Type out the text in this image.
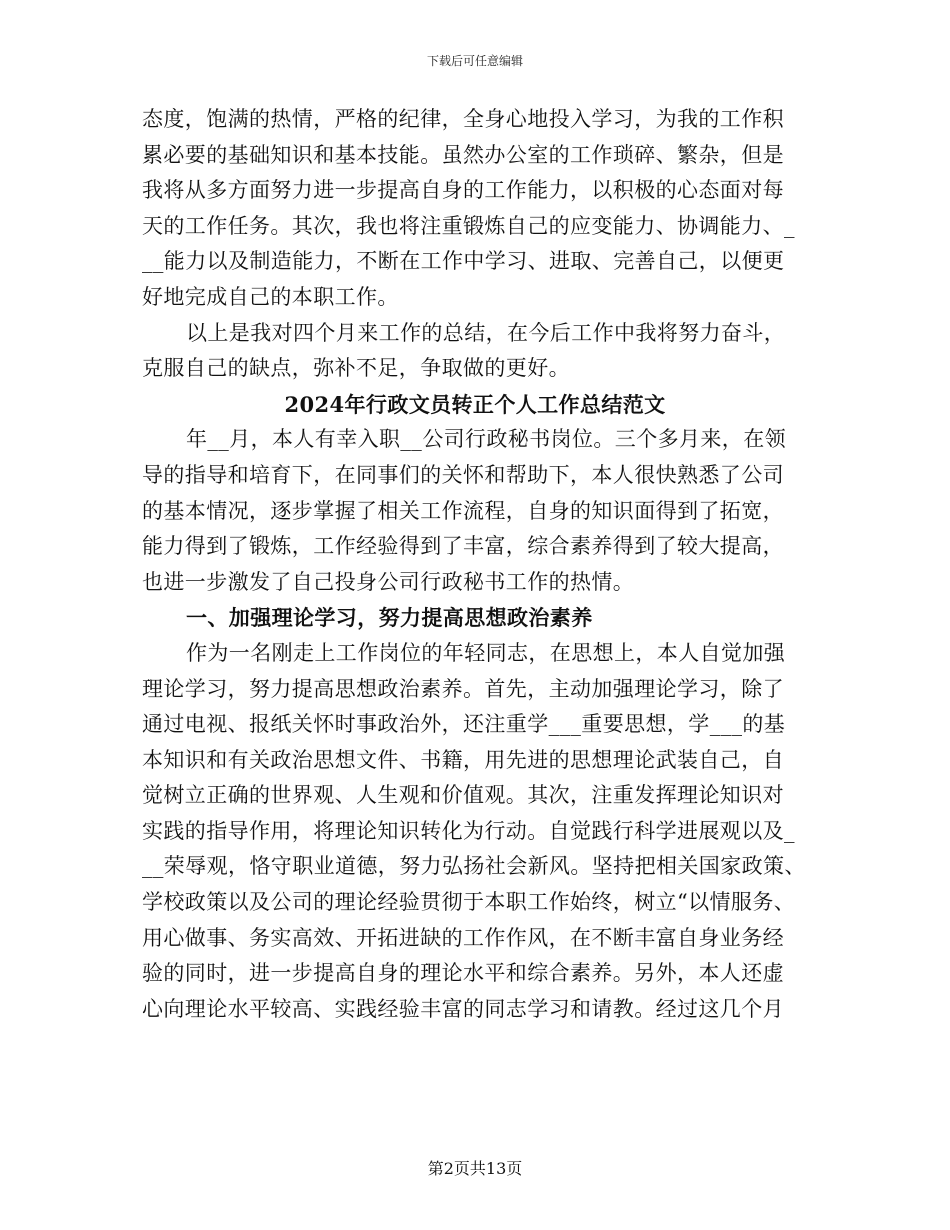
下载后可任意编辑
态度，饱满的热情，严格的纪律，全身心地投入学习，为我的工作积
累必要的基础知识和基本技能。虽然办公室的工作琐碎、繁杂，但是
我将从多方面努力进一步提高自身的工作能力，以积极的心态面对每
天的工作任务。其次，我也将注重锻炼自己的应变能力、协调能力、_
__能力以及制造能力，不断在工作中学习、进取、完善自己，以便更
好地完成自己的本职工作。
以上是我对四个月来工作的总结，在今后工作中我将努力奋斗，
克服自己的缺点，弥补不足，争取做的更好。
2024年行政文员转正个人工作总结范文
年__月，本人有幸入职__公司行政秘书岗位。三个多月来，在领
导的指导和培育下，在同事们的关怀和帮助下，本人很快熟悉了公司
的基本情况，逐步掌握了相关工作流程，自身的知识面得到了拓宽，
能力得到了锻炼，工作经验得到了丰富，综合素养得到了较大提高，
也进一步激发了自己投身公司行政秘书工作的热情。
一、加强理论学习，努力提高思想政治素养
作为一名刚走上工作岗位的年轻同志，在思想上，本人自觉加强
理论学习，努力提高思想政治素养。首先，主动加强理论学习，除了
通过电视、报纸关怀时事政治外，还注重学___重要思想，学___的基
本知识和有关政治思想文件、书籍，用先进的思想理论武装自己，自
觉树立正确的世界观、人生观和价值观。其次，注重发挥理论知识对
实践的指导作用，将理论知识转化为行动。自觉践行科学进展观以及_
__荣辱观，恪守职业道德，努力弘扬社会新风。坚持把相关国家政策、
学校政策以及公司的理论经验贯彻于本职工作始终，树立“以情服务、
用心做事、务实高效、开拓进缺的工作作风，在不断丰富自身业务经
验的同时，进一步提高自身的理论水平和综合素养。另外，本人还虚
心向理论水平较高、实践经验丰富的同志学习和请教。经过这几个月
第2页共13页
